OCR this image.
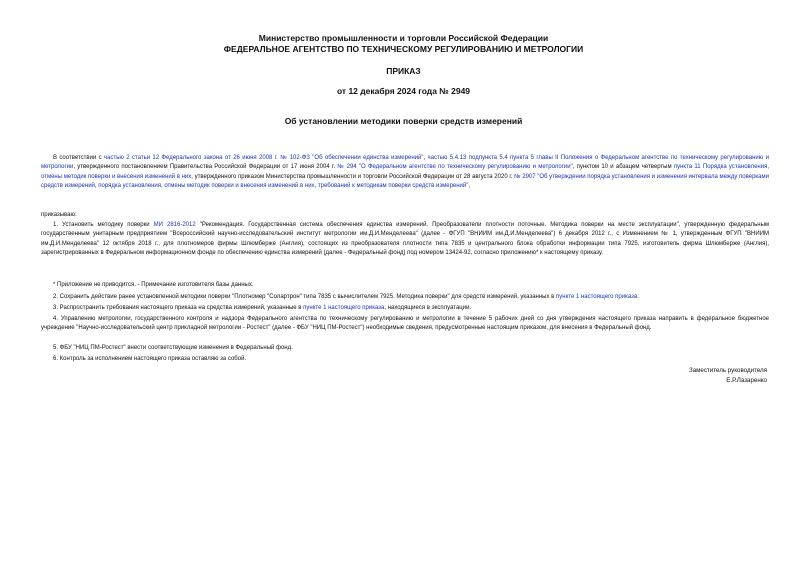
Министерство промышленности и торговли Российской Федерации
ФЕДЕРАЛЬНОЕ АГЕНТСТВО ПО ТЕХНИЧЕСКОМУ РЕГУЛИРОВАНИЮ И МЕТРОЛОГИИ
ПРИКАЗ
от 12 декабря 2024 года № 2949
Об установлении методики поверки средств измерений
В соответствии с частью 2 статьи 12 Федерального закона от 26 июня 2008 г. № 102-ФЗ "Об обеспечении единства измерений", частью 5.4.13 подпункта 5.4 пункта 5 главы II Положения о Федеральном агентстве по техническому регулированию и метрологии, утвержденного постановлением Правительства Российской Федерации от 17 июня 2004 г. № 294 "О Федеральном агентстве по техническому регулированию и метрологии", пунктом 10 и абзацем четвертым пункта 11 Порядка установления, отмены методик поверки и внесения изменений в них, утвержденного приказом Министерства промышленности и торговли Российской Федерации от 28 августа 2020 г. № 2907 "Об утверждении порядка установления и изменения интервала между поверками средств измерений, порядка установления, отмены методик поверки и внесения изменений в них, требований к методикам поверки средств измерений",
приказываю:
1. Установить методику поверки МИ 2816-2012 "Рекомендация. Государственная система обеспечения единства измерений. Преобразователи плотности поточные. Методика поверки на месте эксплуатации", утвержденную федеральным государственным унитарным предприятием "Всероссийский научно-исследовательский институт метрологии им.Д.И.Менделеева" (далее - ФГУП "ВНИИМ им.Д.И.Менделеева") 6 декабря 2012 г., с Изменением № 1, утвержденным ФГУП "ВНИИМ им.Д.И.Менделеева" 12 октября 2018 г., для плотномеров фирмы Шлюмберже (Англия), состоящих из преобразователя плотности типа 7835 и центрального блока обработки информации типа 7925, изготовитель фирма Шлюмберже (Англия), зарегистрированных в Федеральном информационном фонде по обеспечению единства измерений (далее - Федеральный фонд) под номером 13424-92, согласно приложению* к настоящему приказу.
* Приложение не приводится. - Примечание изготовителя базы данных.
2. Сохранить действие ранее установленной методики поверки "Плотномер "Солартрон" типа 7835 с вычислителем 7925. Методика поверки" для средств измерений, указанных в пункте 1 настоящего приказа.
3. Распространить требования настоящего приказа на средства измерений, указанные в пункте 1 настоящего приказа, находящиеся в эксплуатации.
4. Управлению метрологии, государственного контроля и надзора Федерального агентства по техническому регулированию и метрологии в течение 5 рабочих дней со дня утверждения настоящего приказа направить в федеральное бюджетное учреждение "Научно-исследовательский центр прикладной метрологии - Ростест" (далее - ФБУ "НИЦ ПМ-Ростест") необходимые сведения, предусмотренные настоящим приказом, для внесения в Федеральный фонд.
5. ФБУ "НИЦ ПМ-Ростест" внести соответствующие изменения в Федеральный фонд.
6. Контроль за исполнением настоящего приказа оставляю за собой.
Заместитель руководителя
Е.Р.Лазаренко
